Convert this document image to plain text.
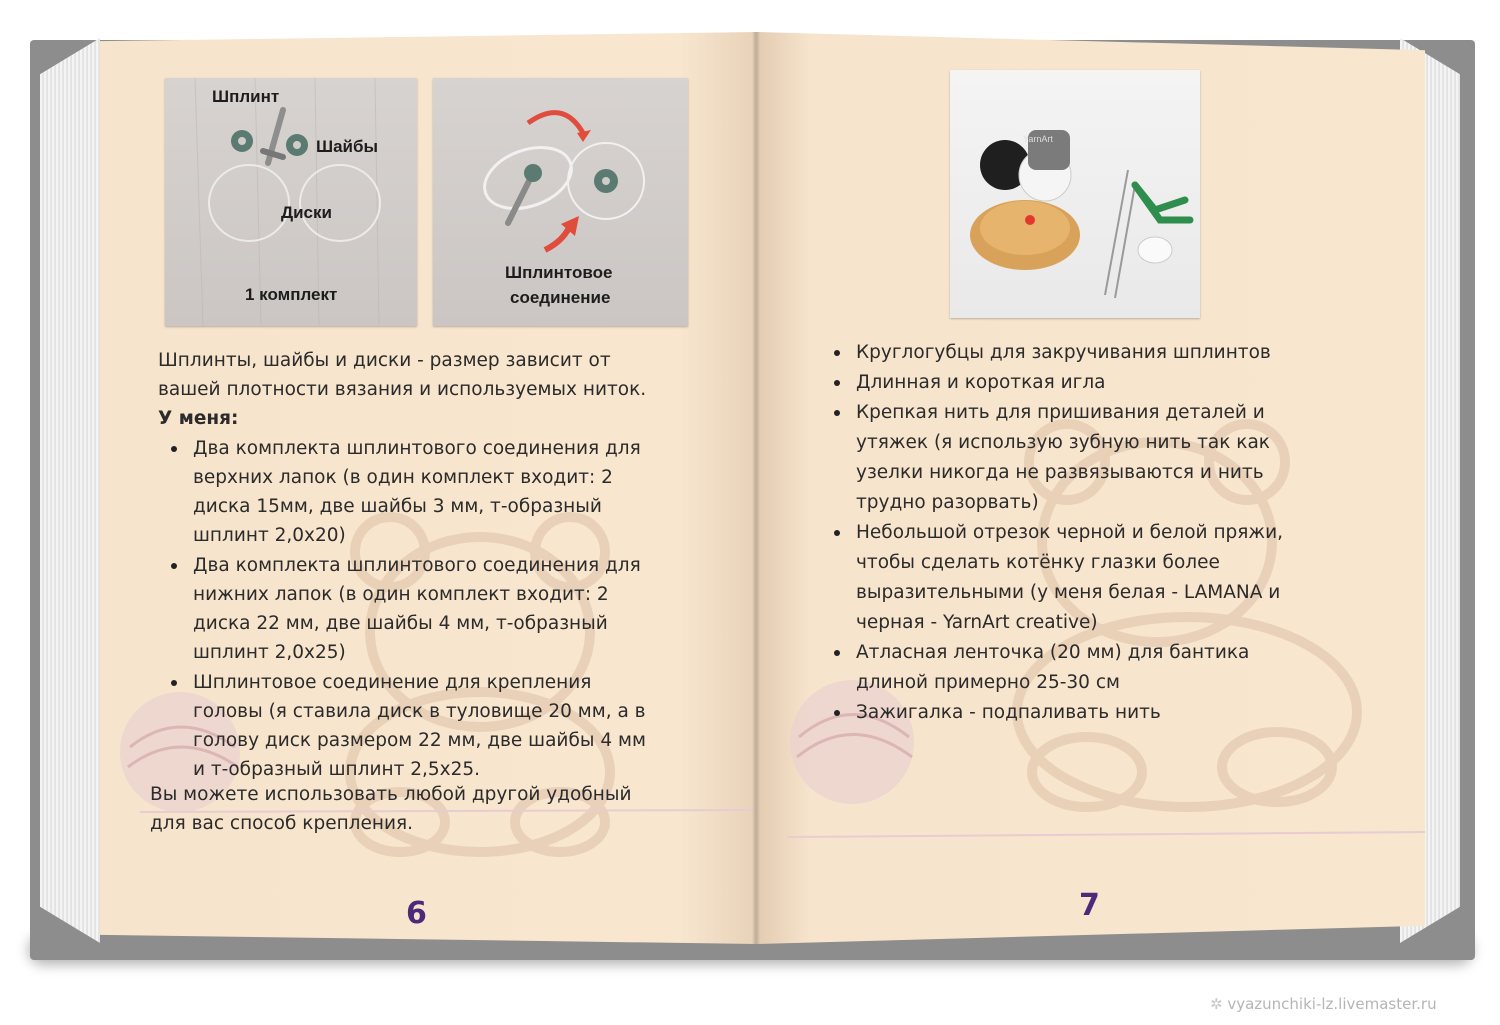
Шплинт
Шайбы
Диски
1 комплект
Шплинтовое
соединение
Шплинты, шайбы и диски - размер зависит от
вашей плотности вязания и используемых ниток.
У меня:
Два комплекта шплинтового соединения для
верхних лапок (в один комплект входит: 2
диска 15мм, две шайбы 3 мм, т-образный
шплинт 2,0х20)
Два комплекта шплинтового соединения для
нижних лапок (в один комплект входит: 2
диска 22 мм, две шайбы 4 мм, т-образный
шплинт 2,0х25)
Шплинтовое соединение для крепления
головы (я ставила диск в туловище 20 мм, а в
голову диск размером 22 мм, две шайбы 4 мм
и т-образный шплинт 2,5х25.
Вы можете использовать любой другой удобный
для вас способ крепления.
6
YarnArt
Круглогубцы для закручивания шплинтов
Длинная и короткая игла
Крепкая нить для пришивания деталей и
утяжек (я использую зубную нить так как
узелки никогда не развязываются и нить
трудно разорвать)
Небольшой отрезок черной и белой пряжи,
чтобы сделать котёнку глазки более
выразительными (у меня белая - LAMANA и
черная - YarnArt creative)
Атласная ленточка (20 мм) для бантика
длиной примерно 25-30 см
Зажигалка - подпаливать нить
7
✲ vyazunchiki-lz.livemaster.ru
